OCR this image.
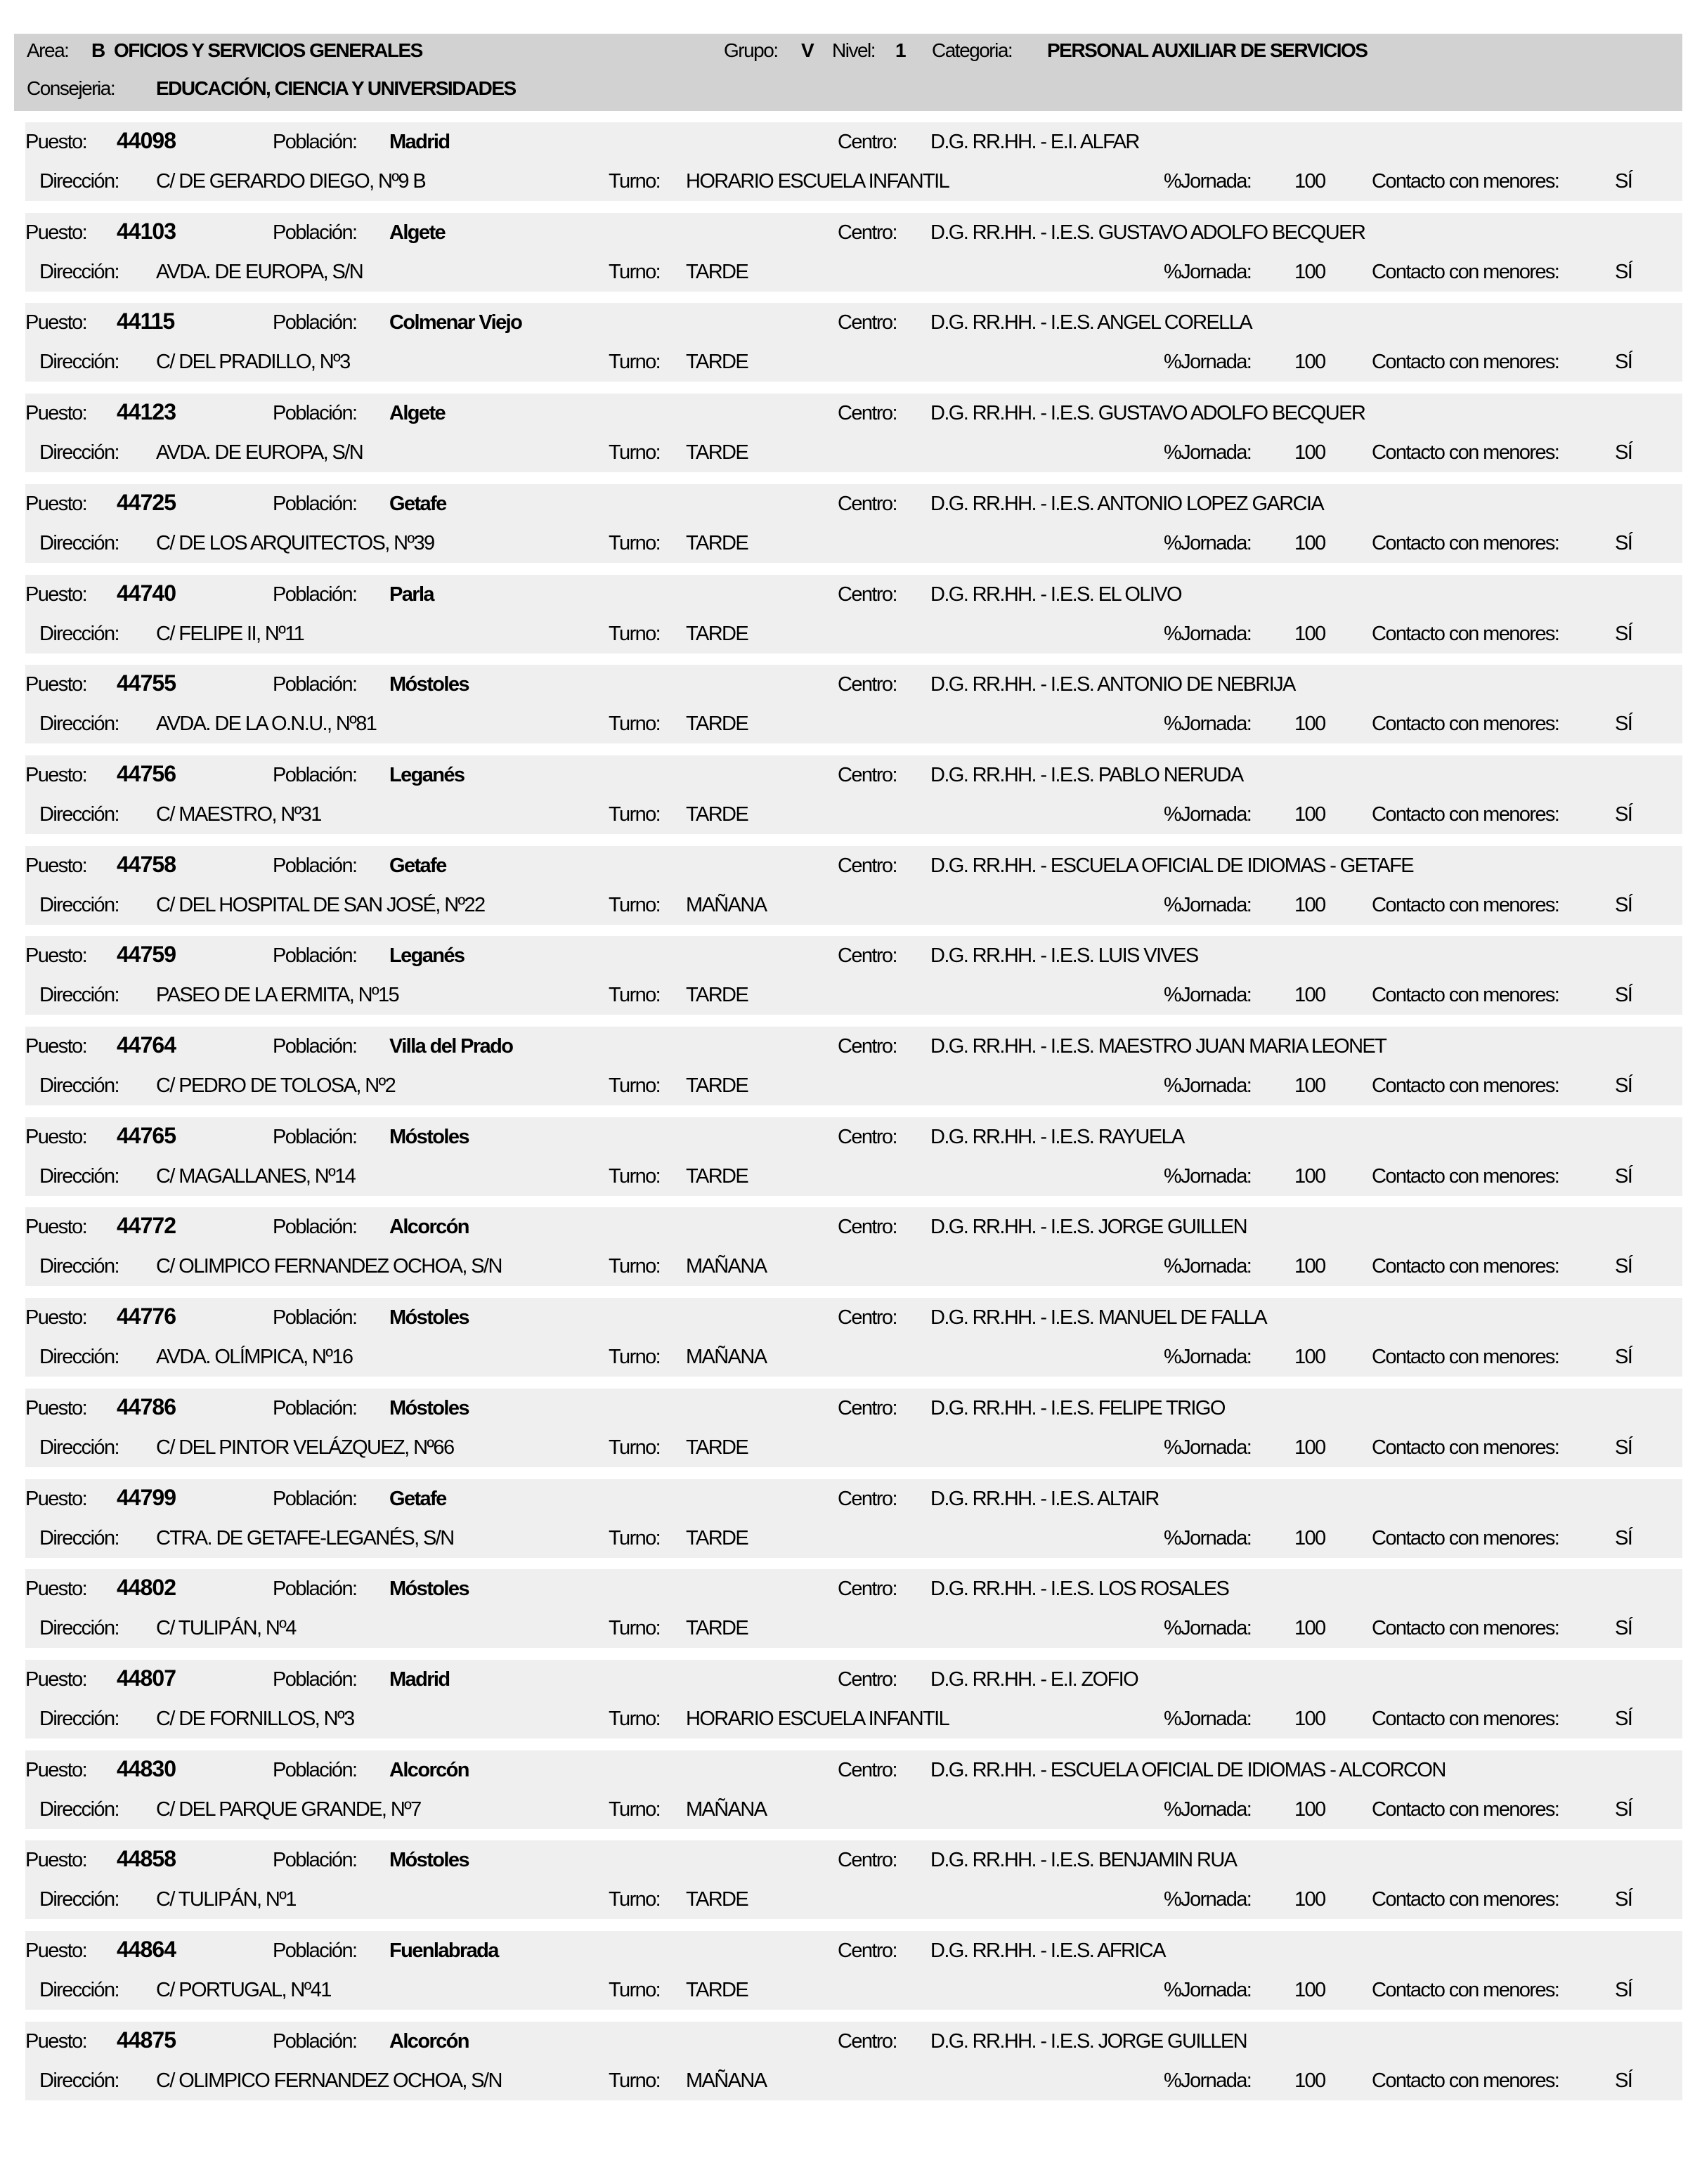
Area: B OFICIOS Y SERVICIOS GENERALES	Grupo: V Nivel: 1 Categoria: PERSONAL AUXILIAR DE SERVICIOS
Consejeria: EDUCACIÓN, CIENCIA Y UNIVERSIDADES
Puesto: 44098	Población: Madrid	Centro: D.G. RR.HH. - E.I. ALFAR
Dirección: C/ DE GERARDO DIEGO, Nº9 B	Turno: HORARIO ESCUELA INFANTIL	%Jornada: 100 Contacto con menores:	SÍ
Puesto: 44103	Población: Algete	Centro: D.G. RR.HH. - I.E.S. GUSTAVO ADOLFO BECQUER
Dirección: AVDA. DE EUROPA, S/N	Turno: TARDE	%Jornada: 100 Contacto con menores:	SÍ
Puesto: 44115	Población: Colmenar Viejo	Centro: D.G. RR.HH. - I.E.S. ANGEL CORELLA
Dirección: C/ DEL PRADILLO, Nº3	Turno: TARDE	%Jornada: 100 Contacto con menores:	SÍ
Puesto: 44123	Población: Algete	Centro: D.G. RR.HH. - I.E.S. GUSTAVO ADOLFO BECQUER
Dirección: AVDA. DE EUROPA, S/N	Turno: TARDE	%Jornada: 100 Contacto con menores:	SÍ
Puesto: 44725	Población: Getafe	Centro: D.G. RR.HH. - I.E.S. ANTONIO LOPEZ GARCIA
Dirección: C/ DE LOS ARQUITECTOS, Nº39	Turno: TARDE	%Jornada: 100 Contacto con menores:	SÍ
Puesto: 44740	Población: Parla	Centro: D.G. RR.HH. - I.E.S. EL OLIVO
Dirección: C/ FELIPE II, Nº11	Turno: TARDE	%Jornada: 100 Contacto con menores:	SÍ
Puesto: 44755	Población: Móstoles	Centro: D.G. RR.HH. - I.E.S. ANTONIO DE NEBRIJA
Dirección: AVDA. DE LA O.N.U., Nº81	Turno: TARDE	%Jornada: 100 Contacto con menores:	SÍ
Puesto: 44756	Población: Leganés	Centro: D.G. RR.HH. - I.E.S. PABLO NERUDA
Dirección: C/ MAESTRO, Nº31	Turno: TARDE	%Jornada: 100 Contacto con menores:	SÍ
Puesto: 44758	Población: Getafe	Centro: D.G. RR.HH. - ESCUELA OFICIAL DE IDIOMAS - GETAFE
Dirección: C/ DEL HOSPITAL DE SAN JOSÉ, Nº22	Turno: MAÑANA	%Jornada: 100 Contacto con menores:	SÍ
Puesto: 44759	Población: Leganés	Centro: D.G. RR.HH. - I.E.S. LUIS VIVES
Dirección: PASEO DE LA ERMITA, Nº15	Turno: TARDE	%Jornada: 100 Contacto con menores:	SÍ
Puesto: 44764	Población: Villa del Prado	Centro: D.G. RR.HH. - I.E.S. MAESTRO JUAN MARIA LEONET
Dirección: C/ PEDRO DE TOLOSA, Nº2	Turno: TARDE	%Jornada: 100 Contacto con menores:	SÍ
Puesto: 44765	Población: Móstoles	Centro: D.G. RR.HH. - I.E.S. RAYUELA
Dirección: C/ MAGALLANES, Nº14	Turno: TARDE	%Jornada: 100 Contacto con menores:	SÍ
Puesto: 44772	Población: Alcorcón	Centro: D.G. RR.HH. - I.E.S. JORGE GUILLEN
Dirección: C/ OLIMPICO FERNANDEZ OCHOA, S/N	Turno: MAÑANA	%Jornada: 100 Contacto con menores:	SÍ
Puesto: 44776	Población: Móstoles	Centro: D.G. RR.HH. - I.E.S. MANUEL DE FALLA
Dirección: AVDA. OLÍMPICA, Nº16	Turno: MAÑANA	%Jornada: 100 Contacto con menores:	SÍ
Puesto: 44786	Población: Móstoles	Centro: D.G. RR.HH. - I.E.S. FELIPE TRIGO
Dirección: C/ DEL PINTOR VELÁZQUEZ, Nº66	Turno: TARDE	%Jornada: 100 Contacto con menores:	SÍ
Puesto: 44799	Población: Getafe	Centro: D.G. RR.HH. - I.E.S. ALTAIR
Dirección: CTRA. DE GETAFE-LEGANÉS, S/N	Turno: TARDE	%Jornada: 100 Contacto con menores:	SÍ
Puesto: 44802	Población: Móstoles	Centro: D.G. RR.HH. - I.E.S. LOS ROSALES
Dirección: C/ TULIPÁN, Nº4	Turno: TARDE	%Jornada: 100 Contacto con menores:	SÍ
Puesto: 44807	Población: Madrid	Centro: D.G. RR.HH. - E.I. ZOFIO
Dirección: C/ DE FORNILLOS, Nº3	Turno: HORARIO ESCUELA INFANTIL	%Jornada: 100 Contacto con menores:	SÍ
Puesto: 44830	Población: Alcorcón	Centro: D.G. RR.HH. - ESCUELA OFICIAL DE IDIOMAS - ALCORCON
Dirección: C/ DEL PARQUE GRANDE, Nº7	Turno: MAÑANA	%Jornada: 100 Contacto con menores:	SÍ
Puesto: 44858	Población: Móstoles	Centro: D.G. RR.HH. - I.E.S. BENJAMIN RUA
Dirección: C/ TULIPÁN, Nº1	Turno: TARDE	%Jornada: 100 Contacto con menores:	SÍ
Puesto: 44864	Población: Fuenlabrada	Centro: D.G. RR.HH. - I.E.S. AFRICA
Dirección: C/ PORTUGAL, Nº41	Turno: TARDE	%Jornada: 100 Contacto con menores:	SÍ
Puesto: 44875	Población: Alcorcón	Centro: D.G. RR.HH. - I.E.S. JORGE GUILLEN
Dirección: C/ OLIMPICO FERNANDEZ OCHOA, S/N	Turno: MAÑANA	%Jornada: 100 Contacto con menores:	SÍ
